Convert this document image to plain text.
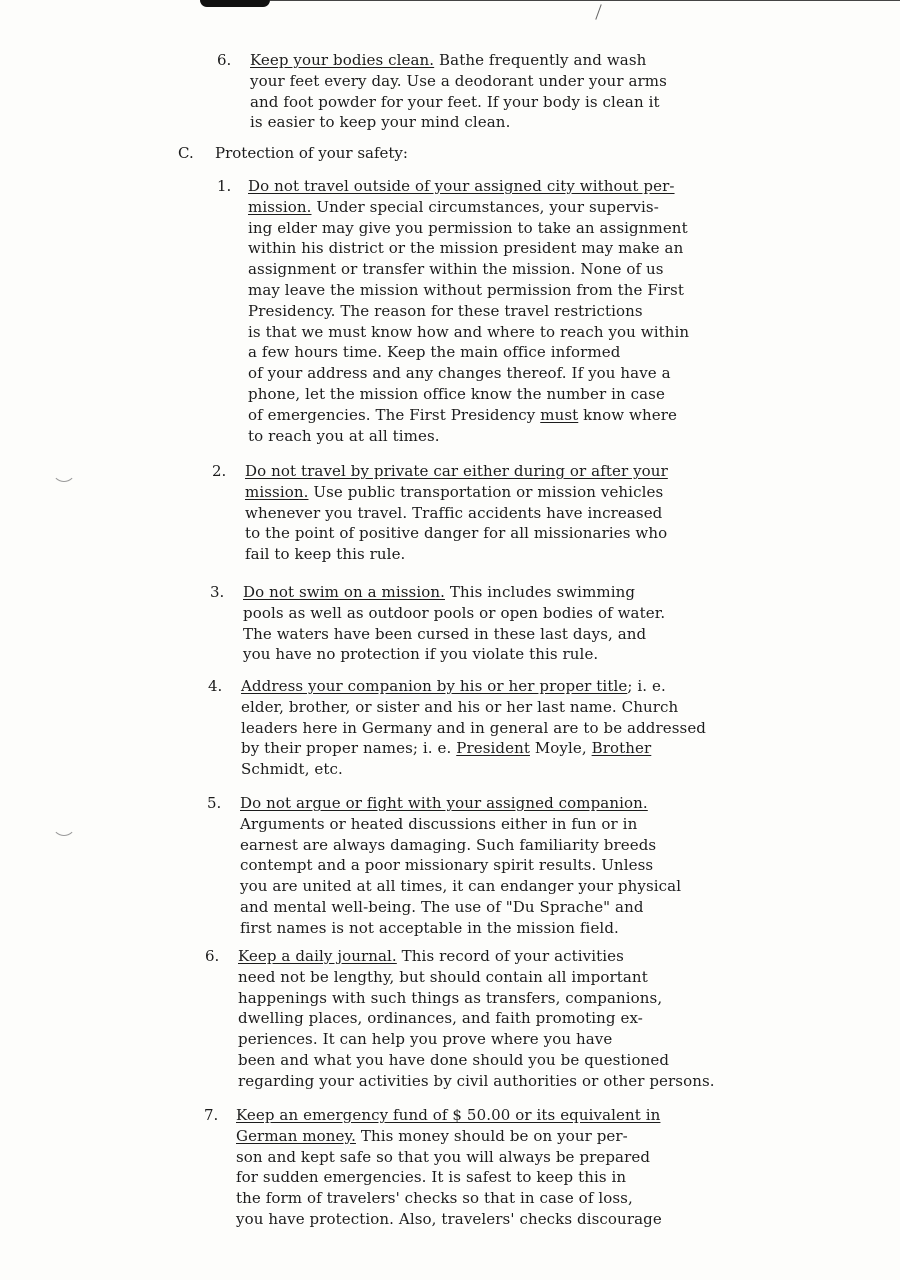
C. Protection of your safety:
6. Keep your bodies clean. Bathe frequently and wash
your feet every day. Use a deodorant under your arms
and foot powder for your feet. If your body is clean it
is easier to keep your mind clean.
1. Do not travel outside of your assigned city without per-
mission. Under special circumstances, your supervis-
ing elder may give you permission to take an assignment
within his district or the mission president may make an
assignment or transfer within the mission. None of us
may leave the mission without permission from the First
Presidency. The reason for these travel restrictions
is that we must know how and where to reach you within
a few hours time. Keep the main office informed
of your address and any changes thereof. If you have a
phone, let the mission office know the number in case
of emergencies. The First Presidency must know where
to reach you at all times.
2. Do not travel by private car either during or after your
mission. Use public transportation or mission vehicles
whenever you travel. Traffic accidents have increased
to the point of positive danger for all missionaries who
fail to keep this rule.
3. Do not swim on a mission. This includes swimming
pools as well as outdoor pools or open bodies of water.
The waters have been cursed in these last days, and
you have no protection if you violate this rule.
4. Address your companion by his or her proper title; i. e.
elder, brother, or sister and his or her last name. Church
leaders here in Germany and in general are to be addressed
by their proper names; i. e. President Moyle, Brother
Schmidt, etc.
5. Do not argue or fight with your assigned companion.
Arguments or heated discussions either in fun or in
earnest are always damaging. Such familiarity breeds
contempt and a poor missionary spirit results. Unless
you are united at all times, it can endanger your physical
and mental well-being. The use of "Du Sprache" and
first names is not acceptable in the mission field.
6. Keep a daily journal. This record of your activities
need not be lengthy, but should contain all important
happenings with such things as transfers, companions,
dwelling places, ordinances, and faith promoting ex-
periences. It can help you prove where you have
been and what you have done should you be questioned
regarding your activities by civil authorities or other persons.
7. Keep an emergency fund of $ 50.00 or its equivalent in
German money. This money should be on your per-
son and kept safe so that you will always be prepared
for sudden emergencies. It is safest to keep this in
the form of travelers' checks so that in case of loss,
you have protection. Also, travelers' checks discourage
